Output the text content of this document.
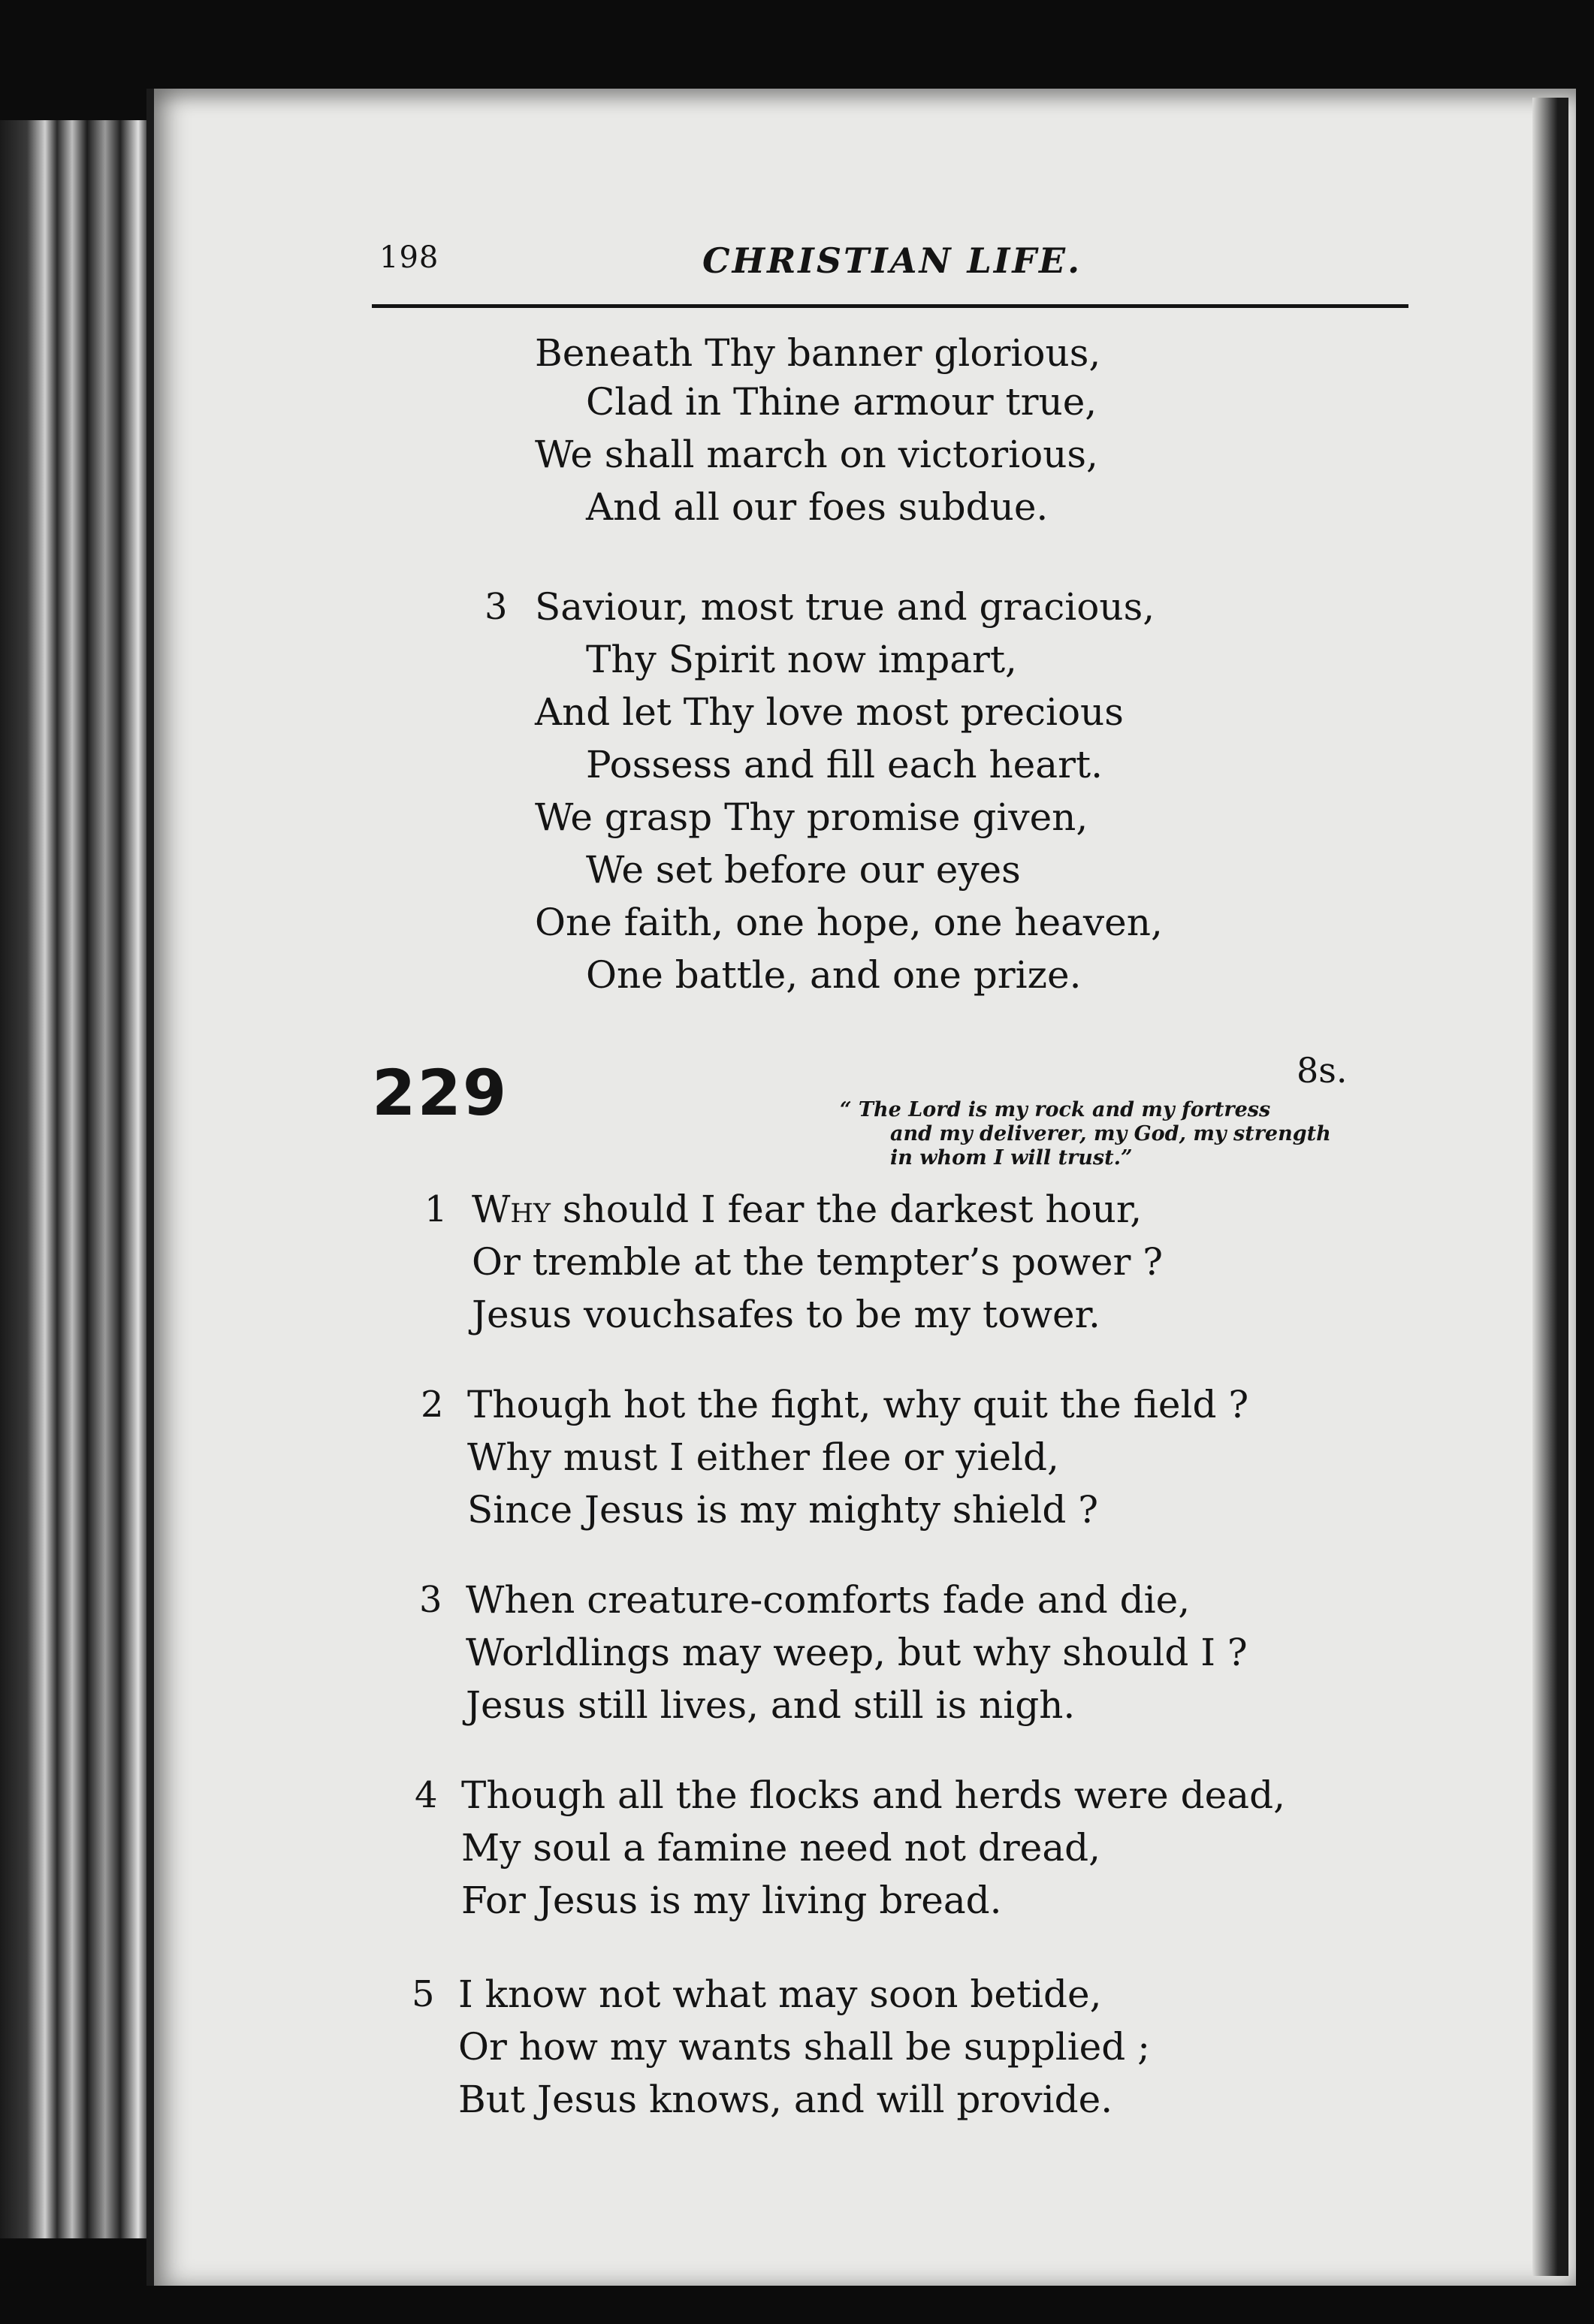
198	CHRISTIAN LIFE.
Beneath Thy banner glorious,
Clad in Thine armour true,
We shall march on victorious,
And all our foes subdue.
3 Saviour, most true and gracious,
Thy Spirit now impart,
And let Thy love most precious
Possess and fill each heart.
We grasp Thy promise given,
We set before our eyes
One faith, one hope, one heaven,
One battle, and one prize.
229	8s.
“ The Lord is my rock and my fortress
and my deliverer, my God, my strength
in whom I will trust.”
1 Why should I fear the darkest hour,
Or tremble at the tempter’s power ?
Jesus vouchsafes to be my tower.
2 Though hot the fight, why quit the field ?
Why must I either flee or yield,
Since Jesus is my mighty shield ?
3 When creature-comforts fade and die,
Worldlings may weep, but why should I ?
Jesus still lives, and still is nigh.
4 Though all the flocks and herds were dead,
My soul a famine need not dread,
For Jesus is my living bread.
5 I know not what may soon betide,
Or how my wants shall be supplied ;
But Jesus knows, and will provide.
